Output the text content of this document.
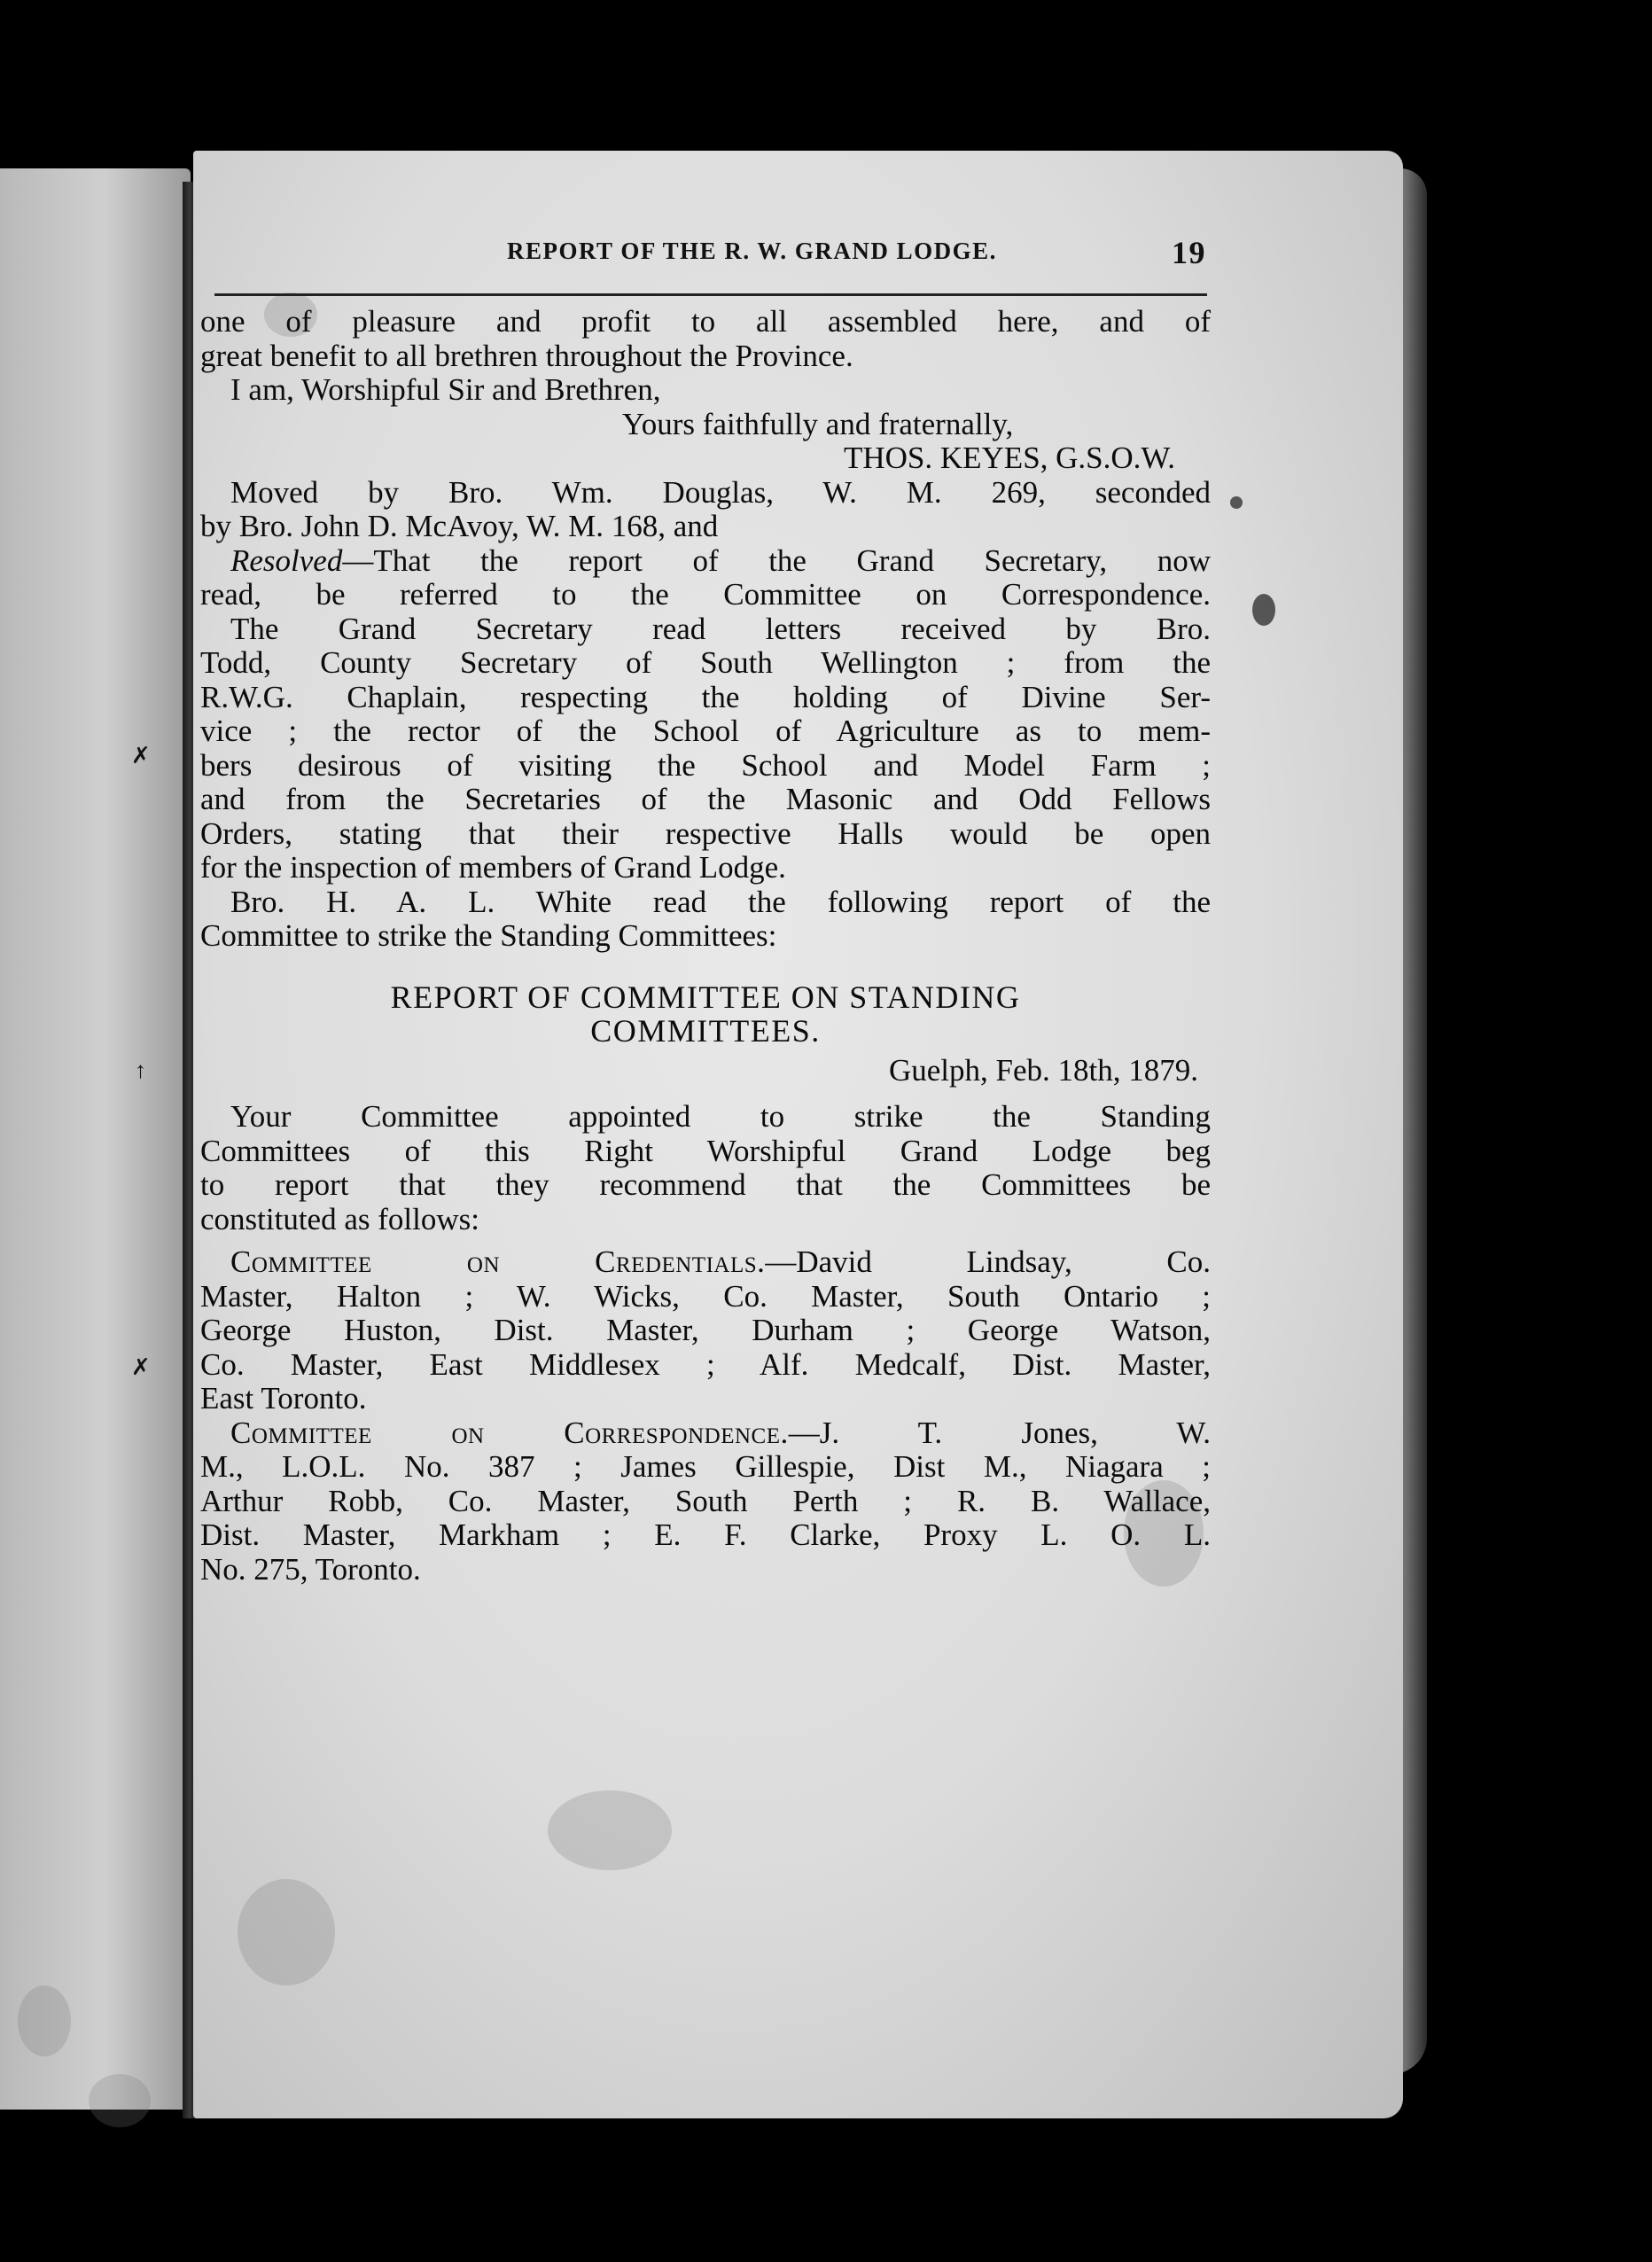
✗
↑
✗
REPORT OF THE R. W. GRAND LODGE.	19
one of pleasure and profit to all assembled here, and of
great benefit to all brethren throughout the Province.
I am, Worshipful Sir and Brethren,
Yours faithfully and fraternally,
THOS. KEYES, G.S.O.W.
Moved by Bro. Wm. Douglas, W. M. 269, seconded
by Bro. John D. McAvoy, W. M. 168, and
Resolved—That the report of the Grand Secretary, now
read, be referred to the Committee on Correspondence.
The Grand Secretary read letters received by Bro.
Todd, County Secretary of South Wellington ; from the
R.W.G. Chaplain, respecting the holding of Divine Ser-
vice ; the rector of the School of Agriculture as to mem-
bers desirous of visiting the School and Model Farm ;
and from the Secretaries of the Masonic and Odd Fellows
Orders, stating that their respective Halls would be open
for the inspection of members of Grand Lodge.
Bro. H. A. L. White read the following report of the
Committee to strike the Standing Committees:
REPORT OF COMMITTEE ON STANDING
COMMITTEES.
Guelph, Feb. 18th, 1879.
Your Committee appointed to strike the Standing
Committees of this Right Worshipful Grand Lodge beg
to report that they recommend that the Committees be
constituted as follows:
Committee on Credentials.—David Lindsay, Co.
Master, Halton ; W. Wicks, Co. Master, South Ontario ;
George Huston, Dist. Master, Durham ; George Watson,
Co. Master, East Middlesex ; Alf. Medcalf, Dist. Master,
East Toronto.
Committee on Correspondence.—J. T. Jones, W.
M., L.O.L. No. 387 ; James Gillespie, Dist M., Niagara ;
Arthur Robb, Co. Master, South Perth ; R. B. Wallace,
Dist. Master, Markham ; E. F. Clarke, Proxy L. O. L.
No. 275, Toronto.
